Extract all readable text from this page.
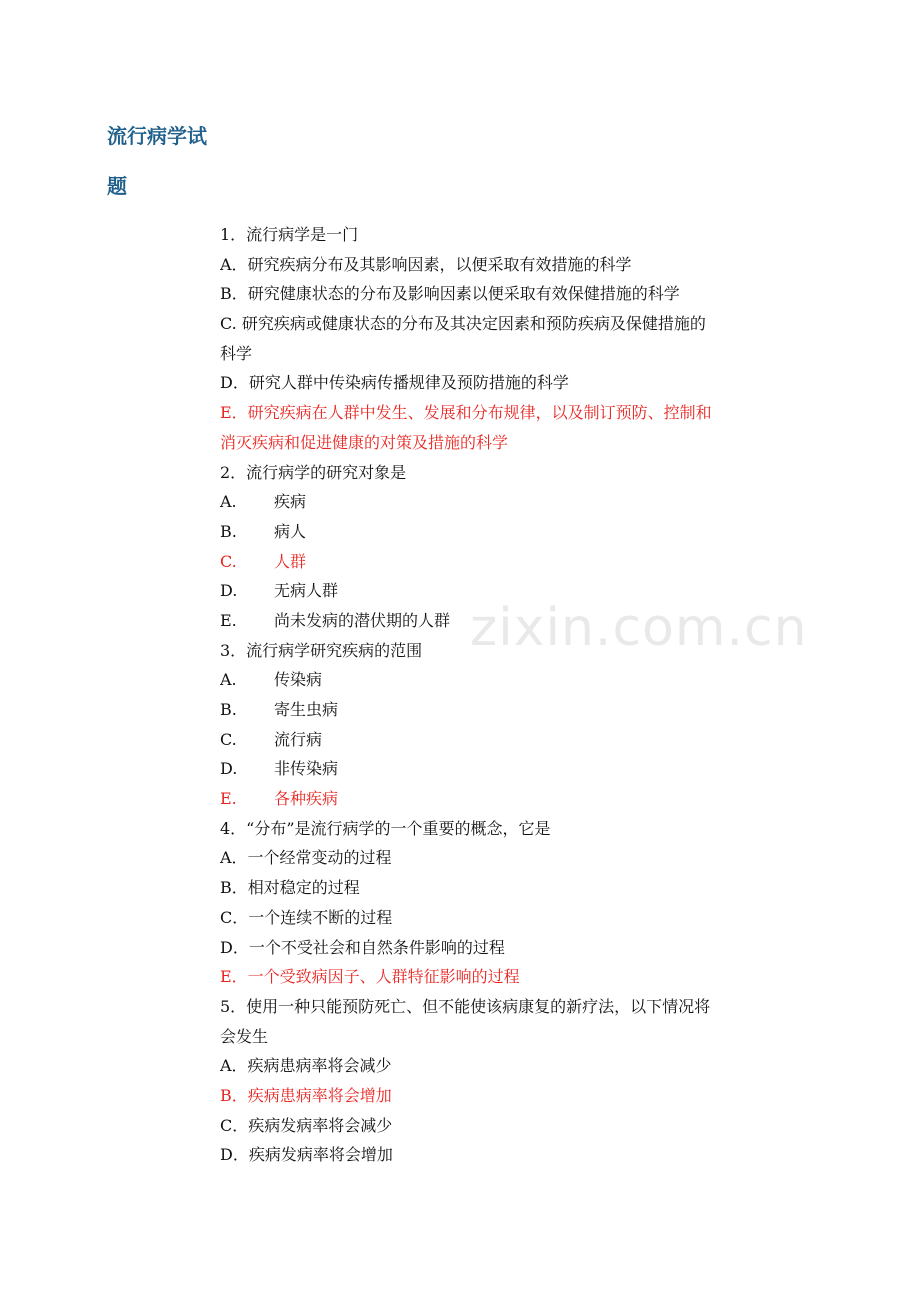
流行病学试
题
zixin.com.cn
1．流行病学是一门
A．研究疾病分布及其影响因素，以便采取有效措施的科学
B．研究健康状态的分布及影响因素以便采取有效保健措施的科学
C. 研究疾病或健康状态的分布及其决定因素和预防疾病及保健措施的
科学
D．研究人群中传染病传播规律及预防措施的科学
E．研究疾病在人群中发生、发展和分布规律，以及制订预防、控制和
消灭疾病和促进健康的对策及措施的科学
2．流行病学的研究对象是
A.	疾病
B.	病人
C.	人群
D.	无病人群
E.	尚未发病的潜伏期的人群
3．流行病学研究疾病的范围
A.	传染病
B.	寄生虫病
C.	流行病
D.	非传染病
E.	各种疾病
4．“分布”是流行病学的一个重要的概念，它是
A．一个经常变动的过程
B．相对稳定的过程
C．一个连续不断的过程
D．一个不受社会和自然条件影响的过程
E．一个受致病因子、人群特征影响的过程
5．使用一种只能预防死亡、但不能使该病康复的新疗法，以下情况将
会发生
A．疾病患病率将会减少
B．疾病患病率将会增加
C．疾病发病率将会减少
D．疾病发病率将会增加
